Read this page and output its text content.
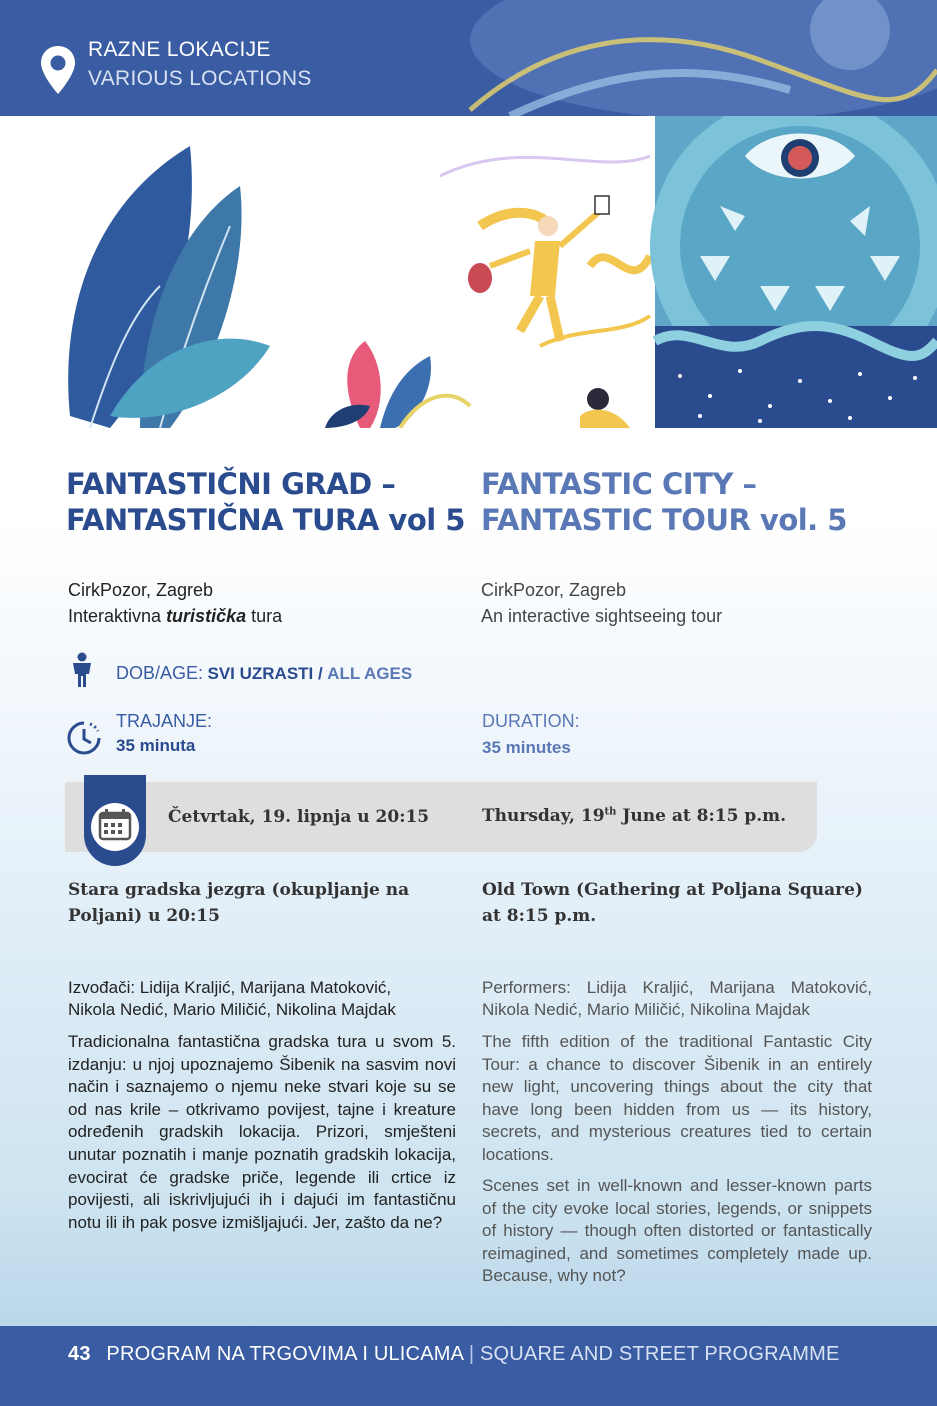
RAZNE LOKACIJE
VARIOUS LOCATIONS
FANTASTIČNI GRAD –
FANTASTIČNA TURA vol 5
FANTASTIC CITY –
FANTASTIC TOUR vol. 5
CirkPozor, Zagreb
Interaktivna turistička tura
CirkPozor, Zagreb
An interactive sightseeing tour
DOB/AGE: SVI UZRASTI / ALL AGES
TRAJANJE:
35 minuta
DURATION:
35 minutes
Četvrtak, 19. lipnja u 20:15	Thursday, 19th June at 8:15 p.m.
Stara gradska jezgra (okupljanje na
Poljani) u 20:15
Old Town (Gathering at Poljana Square)
at 8:15 p.m.
Izvođači: Lidija Kraljić, Marijana Matoković,
Nikola Nedić, Mario Miličić, Nikolina Majdak
Performers: Lidija Kraljić, Marijana Matoković,
Nikola Nedić, Mario Miličić, Nikolina Majdak
Tradicionalna fantastična gradska tura u svom 5. izdanju: u njoj upoznajemo Šibenik na sasvim novi način i saznajemo o njemu neke stvari koje su se od nas krile – otkrivamo povijest, tajne i kreature određenih gradskih lokacija. Prizori, smješteni unutar poznatih i manje poznatih gradskih lokacija, evocirat će gradske priče, legende ili crtice iz povijesti, ali iskrivljujući ih i dajući im fantastičnu notu ili ih pak posve izmišljajući. Jer, zašto da ne?
The fifth edition of the traditional Fantastic City Tour: a chance to discover Šibenik in an entirely new light, uncovering things about the city that have long been hidden from us — its history, secrets, and mysterious creatures tied to certain locations.
Scenes set in well-known and lesser-known parts of the city evoke local stories, legends, or snippets of history — though often distorted or fantastically reimagined, and sometimes completely made up. Because, why not?
43 PROGRAM NA TRGOVIMA I ULICAMA | SQUARE AND STREET PROGRAMME
